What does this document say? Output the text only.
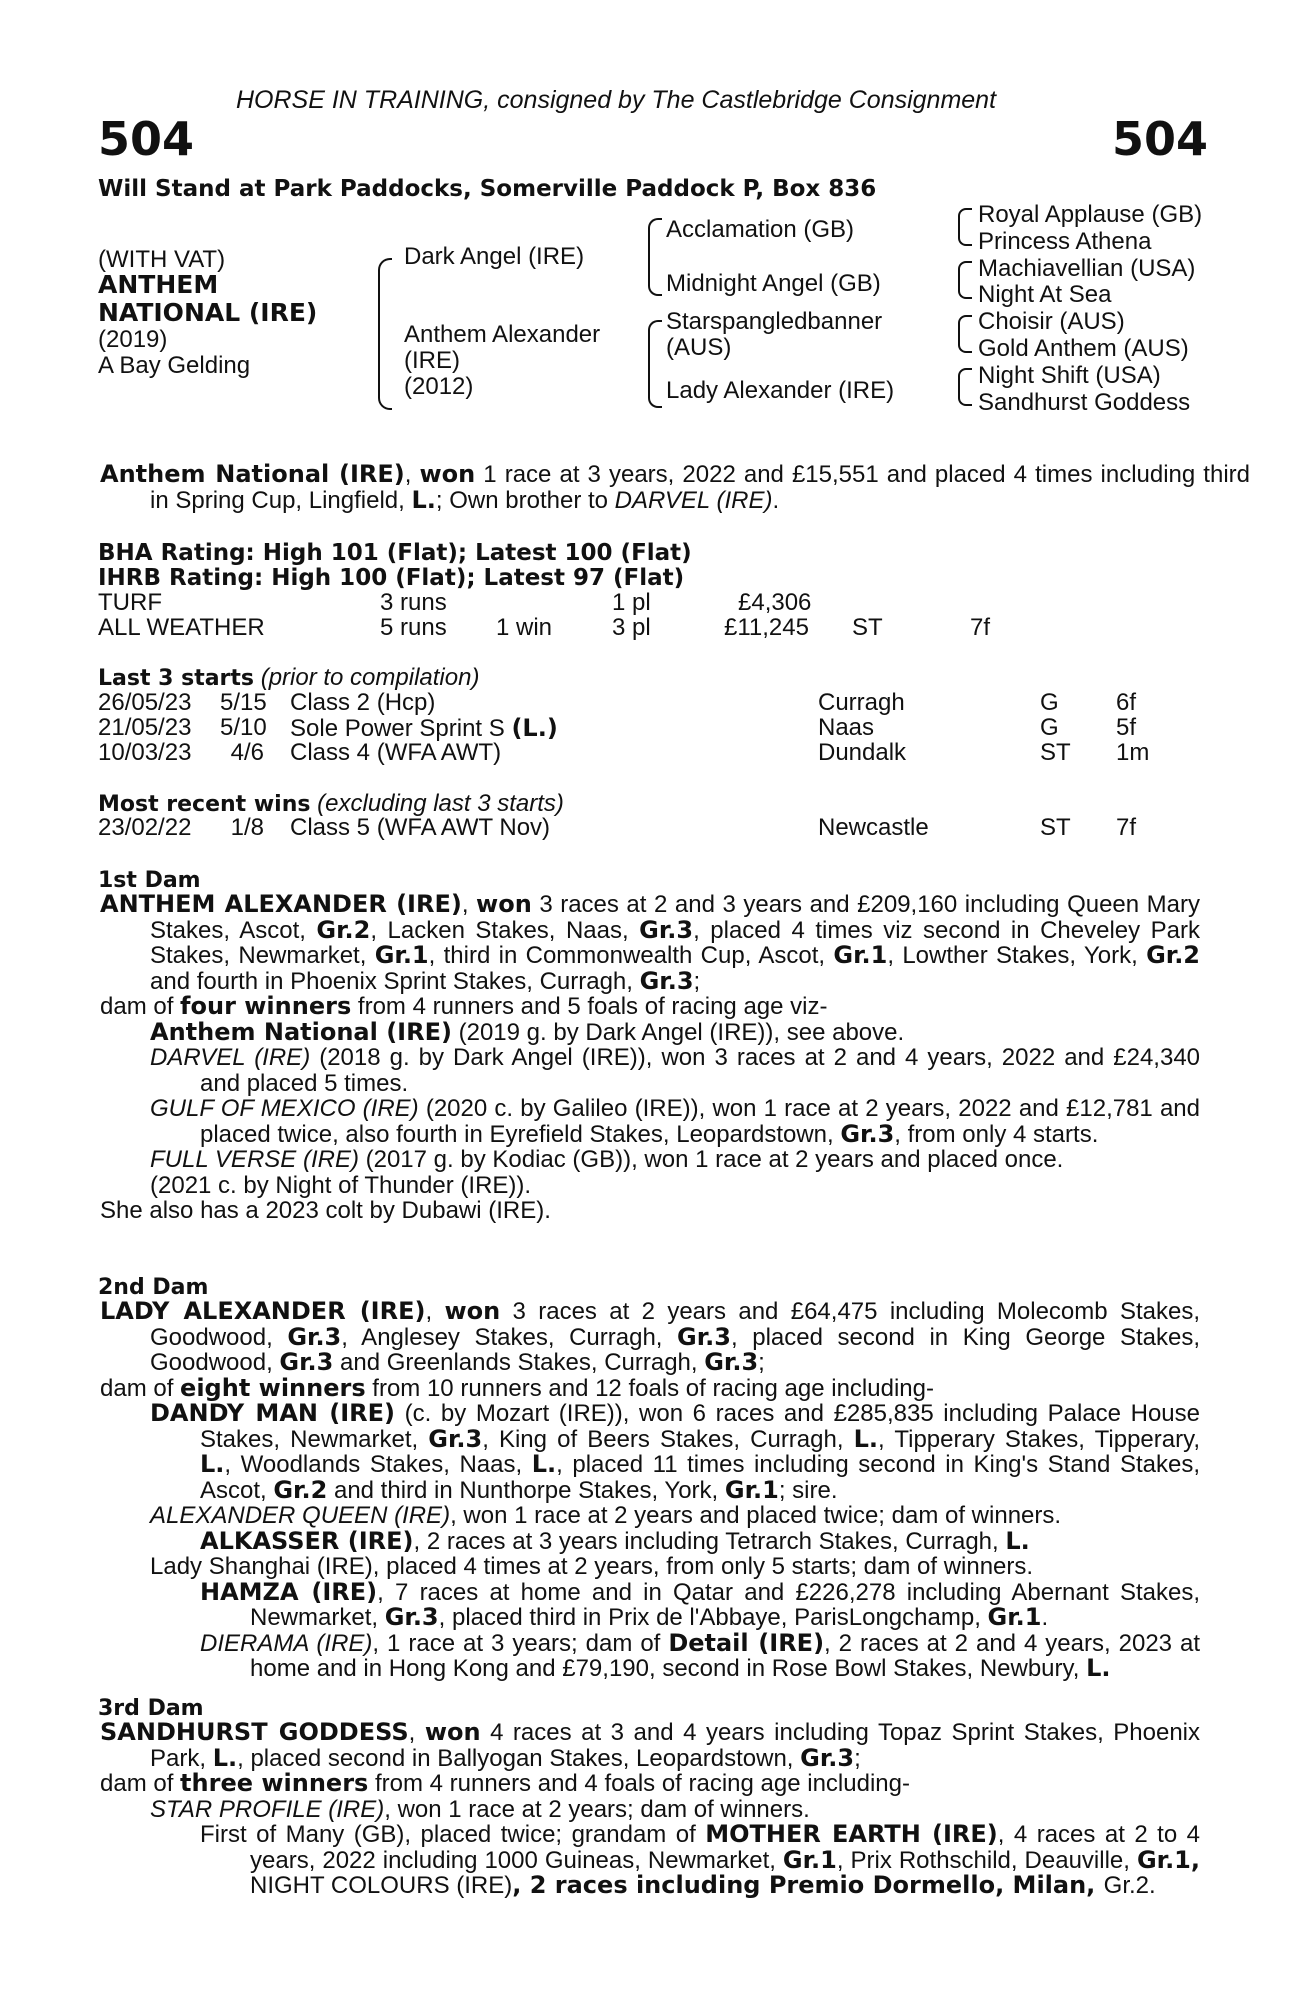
HORSE IN TRAINING, consigned by The Castlebridge Consignment
504	504
Will Stand at Park Paddocks, Somerville Paddock P, Box 836
(WITH VAT)
ANTHEM
NATIONAL (IRE)
(2019)
A Bay Gelding
Dark Angel (IRE)
Anthem Alexander
(IRE)
(2012)
Acclamation (GB)
Midnight Angel (GB)
Starspangledbanner
(AUS)
Lady Alexander (IRE)
Royal Applause (GB)
Princess Athena
Machiavellian (USA)
Night At Sea
Choisir (AUS)
Gold Anthem (AUS)
Night Shift (USA)
Sandhurst Goddess
Anthem National (IRE), won 1 race at 3 years, 2022 and £15,551 and placed 4 times including third in Spring Cup, Lingfield, L.; Own brother to DARVEL (IRE).
BHA Rating: High 101 (Flat); Latest 100 (Flat)
IHRB Rating: High 100 (Flat); Latest 97 (Flat)
TURF	3 runs	1 pl	£4,306
ALL WEATHER	5 runs 1 win 3 pl	£11,245 ST	7f
Last 3 starts (prior to compilation)
26/05/23 5/15 Class 2 (Hcp)	Curragh	G 6f
21/05/23 5/10 Sole Power Sprint S (L.)	Naas	G 5f
10/03/23	4/6 Class 4 (WFA AWT)	Dundalk	ST 1m
Most recent wins (excluding last 3 starts)
23/02/22	1/8 Class 5 (WFA AWT Nov)	Newcastle	ST 7f
1st Dam
ANTHEM ALEXANDER (IRE), won 3 races at 2 and 3 years and £209,160 including Queen Mary Stakes, Ascot, Gr.2, Lacken Stakes, Naas, Gr.3, placed 4 times viz second in Cheveley Park Stakes, Newmarket, Gr.1, third in Commonwealth Cup, Ascot, Gr.1, Lowther Stakes, York, Gr.2 and fourth in Phoenix Sprint Stakes, Curragh, Gr.3;
dam of four winners from 4 runners and 5 foals of racing age viz-
Anthem National (IRE) (2019 g. by Dark Angel (IRE)), see above.
DARVEL (IRE) (2018 g. by Dark Angel (IRE)), won 3 races at 2 and 4 years, 2022 and £24,340 and placed 5 times.
GULF OF MEXICO (IRE) (2020 c. by Galileo (IRE)), won 1 race at 2 years, 2022 and £12,781 and placed twice, also fourth in Eyrefield Stakes, Leopardstown, Gr.3, from only 4 starts.
FULL VERSE (IRE) (2017 g. by Kodiac (GB)), won 1 race at 2 years and placed once.
(2021 c. by Night of Thunder (IRE)).
She also has a 2023 colt by Dubawi (IRE).
2nd Dam
LADY ALEXANDER (IRE), won 3 races at 2 years and £64,475 including Molecomb Stakes, Goodwood, Gr.3, Anglesey Stakes, Curragh, Gr.3, placed second in King George Stakes, Goodwood, Gr.3 and Greenlands Stakes, Curragh, Gr.3;
dam of eight winners from 10 runners and 12 foals of racing age including-
DANDY MAN (IRE) (c. by Mozart (IRE)), won 6 races and £285,835 including Palace House Stakes, Newmarket, Gr.3, King of Beers Stakes, Curragh, L., Tipperary Stakes, Tipperary, L., Woodlands Stakes, Naas, L., placed 11 times including second in King's Stand Stakes, Ascot, Gr.2 and third in Nunthorpe Stakes, York, Gr.1; sire.
ALEXANDER QUEEN (IRE), won 1 race at 2 years and placed twice; dam of winners.
ALKASSER (IRE), 2 races at 3 years including Tetrarch Stakes, Curragh, L.
Lady Shanghai (IRE), placed 4 times at 2 years, from only 5 starts; dam of winners.
HAMZA (IRE), 7 races at home and in Qatar and £226,278 including Abernant Stakes, Newmarket, Gr.3, placed third in Prix de l'Abbaye, ParisLongchamp, Gr.1.
DIERAMA (IRE), 1 race at 3 years; dam of Detail (IRE), 2 races at 2 and 4 years, 2023 at home and in Hong Kong and £79,190, second in Rose Bowl Stakes, Newbury, L.
3rd Dam
SANDHURST GODDESS, won 4 races at 3 and 4 years including Topaz Sprint Stakes, Phoenix Park, L., placed second in Ballyogan Stakes, Leopardstown, Gr.3;
dam of three winners from 4 runners and 4 foals of racing age including-
STAR PROFILE (IRE), won 1 race at 2 years; dam of winners.
First of Many (GB), placed twice; grandam of MOTHER EARTH (IRE), 4 races at 2 to 4 years, 2022 including 1000 Guineas, Newmarket, Gr.1, Prix Rothschild, Deauville, Gr.1, NIGHT COLOURS (IRE), 2 races including Premio Dormello, Milan, Gr.2.
